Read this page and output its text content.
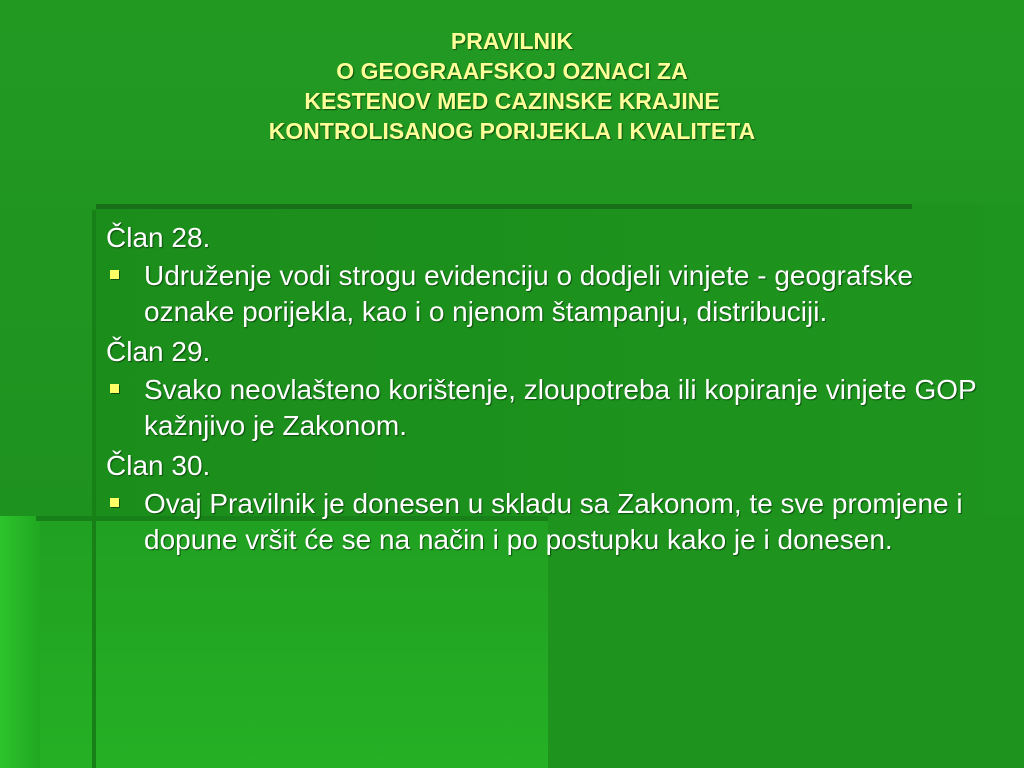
PRAVILNIK
O GEOGRAAFSKOJ OZNACI ZA
KESTENOV MED CAZINSKE KRAJINE
KONTROLISANOG PORIJEKLA I KVALITETA
Član 28.
Udruženje vodi strogu evidenciju o dodjeli vinjete - geografske oznake porijekla, kao i o njenom štampanju, distribuciji.
Član 29.
Svako neovlašteno korištenje, zloupotreba ili kopiranje vinjete GOP kažnjivo je Zakonom.
Član 30.
Ovaj Pravilnik je donesen u skladu sa Zakonom, te sve promjene i dopune vršit će se na način i po postupku kako je i donesen.
